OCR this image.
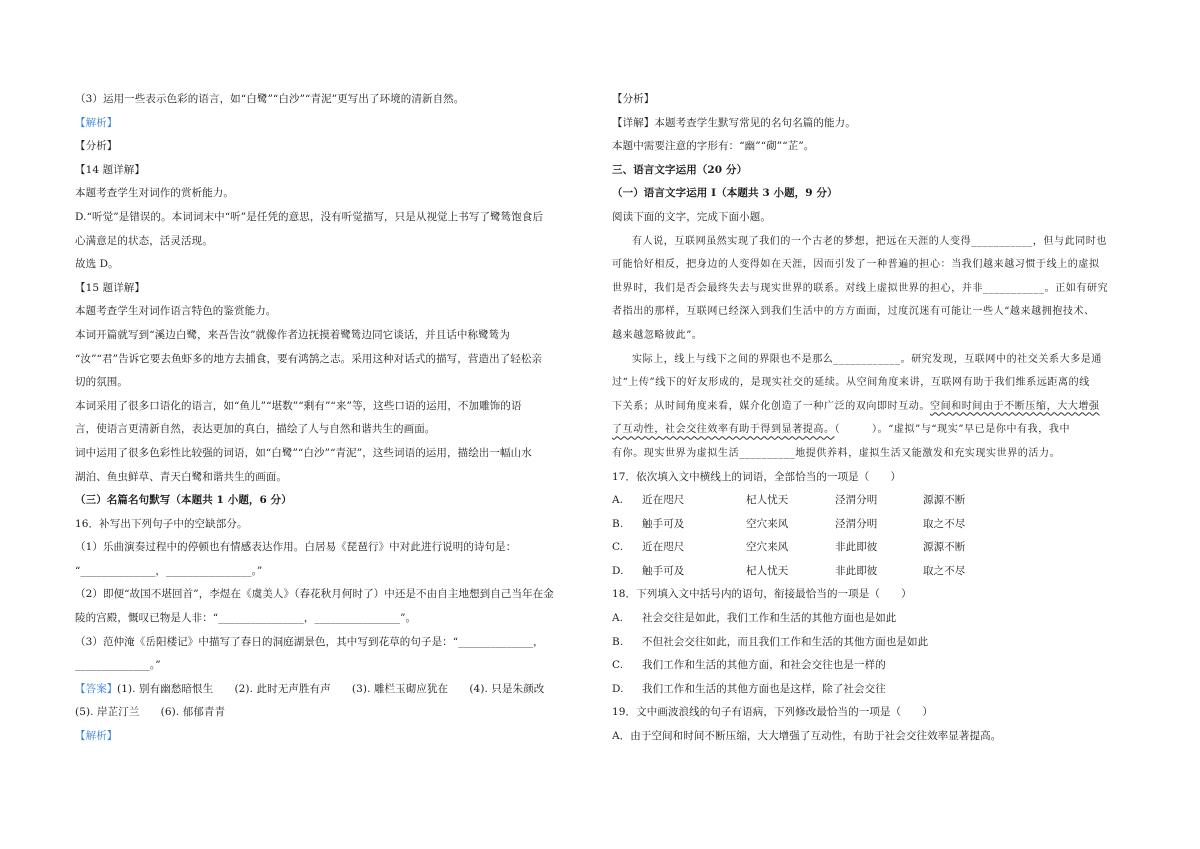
（3）运用一些表示色彩的语言，如“白鹭”“白沙”“青泥”更写出了环境的清新自然。
【解析】
【分析】
【14 题详解】
本题考查学生对词作的赏析能力。
D.“听觉”是错误的。本词词末中“听”是任凭的意思，没有听觉描写，只是从视觉上书写了鹭鸶饱食后
心满意足的状态，活灵活现。
故选 D。
【15 题详解】
本题考查学生对词作语言特色的鉴赏能力。
本词开篇就写到“溪边白鹭，来吾告汝”就像作者边抚摸着鹭鸶边同它谈话，并且话中称鹭鸶为
“汝”“君”告诉它要去鱼虾多的地方去捕食，要有鸿鹄之志。采用这种对话式的描写，营造出了轻松亲
切的氛围。
本词采用了很多口语化的语言，如“鱼儿”“堪数”“剩有”“来”等，这些口语的运用，不加雕饰的语
言，使语言更清新自然，表达更加的真白，描绘了人与自然和谐共生的画面。
词中运用了很多色彩性比较强的词语，如“白鹭”“白沙”“青泥”，这些词语的运用，描绘出一幅山水
湖泊、鱼虫鲜草、青天白鹭和谐共生的画面。
（三）名篇名句默写（本题共 1 小题，6 分）
16．补写出下列句子中的空缺部分。
（1）乐曲演奏过程中的停顿也有情感表达作用。白居易《琵琶行》中对此进行说明的诗句是：
“______________，________________。”
（2）即便“故国不堪回首”，李煜在《虞美人》（春花秋月何时了）中还是不由自主地想到自己当年在金
陵的宫殿，慨叹已物是人非：“________________，________________”。
（3）范仲淹《岳阳楼记》中描写了春日的洞庭湖景色，其中写到花草的句子是：“______________，
______________。”
【答案】(1). 别有幽愁暗恨生　　(2). 此时无声胜有声　　(3). 雕栏玉砌应犹在　　(4). 只是朱颜改
(5). 岸芷汀兰　　(6). 郁郁青青
【解析】
【分析】
【详解】本题考查学生默写常见的名句名篇的能力。
本题中需要注意的字形有：“幽”“砌”“芷”。
三、语言文字运用（20 分）
（一）语言文字运用 I（本题共 3 小题，9 分）
阅读下面的文字，完成下面小题。
有人说，互联网虽然实现了我们的一个古老的梦想，把远在天涯的人变得___________，但与此同时也
可能恰好相反，把身边的人变得如在天涯，因而引发了一种普遍的担心：当我们越来越习惯于线上的虚拟
世界时，我们是否会最终失去与现实世界的联系。对线上虚拟世界的担心，并非___________。正如有研究
者指出的那样，互联网已经深入到我们生活中的方方面面，过度沉迷有可能让一些人“越来越拥抱技术、
越来越忽略彼此”。
实际上，线上与线下之间的界限也不是那么____________。研究发现，互联网中的社交关系大多是通
过“上传”线下的好友形成的，是现实社交的延续。从空间角度来讲，互联网有助于我们维系远距离的线
下关系；从时间角度来看，媒介化创造了一种广泛的双向即时互动。空间和时间由于不断压缩，大大增强
了互动性，社会交往效率有助于得到显著提高。（　　　）。“虚拟”与“现实”早已是你中有我，我中
有你。现实世界为虚拟生活__________地提供养料，虚拟生活又能激发和充实现实世界的活力。
17．依次填入文中横线上的词语，全部恰当的一项是（　　）
A. 近在咫尺	杞人忧天	泾渭分明	源源不断
B. 触手可及	空穴来风	泾渭分明	取之不尽
C. 近在咫尺	空穴来风	非此即彼	源源不断
D. 触手可及	杞人忧天	非此即彼	取之不尽
18．下列填入文中括号内的语句，衔接最恰当的一项是（　　）
A. 社会交往是如此，我们工作和生活的其他方面也是如此
B. 不但社会交往如此，而且我们工作和生活的其他方面也是如此
C. 我们工作和生活的其他方面，和社会交往也是一样的
D. 我们工作和生活的其他方面也是这样，除了社会交往
19．文中画波浪线的句子有语病，下列修改最恰当的一项是（　　）
A．由于空间和时间不断压缩，大大增强了互动性，有助于社会交往效率显著提高。
